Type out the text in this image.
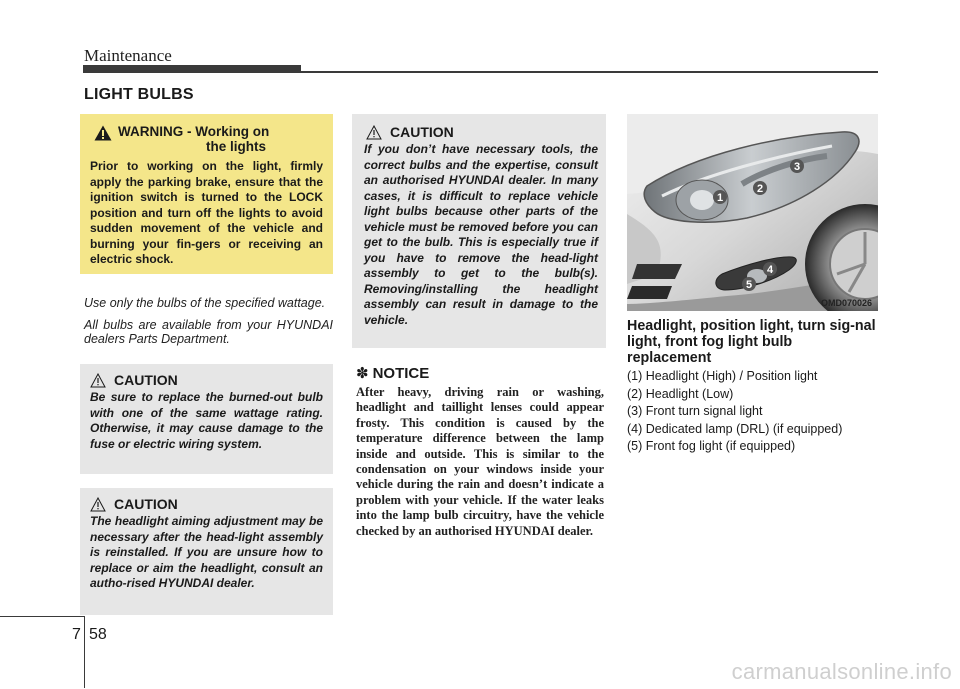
Maintenance
LIGHT BULBS
WARNING - Working on
the lights
Prior to working on the light, firmly apply the parking brake, ensure that the ignition switch is turned to the LOCK position and turn off the lights to avoid sudden movement of the vehicle and burning your fin-gers or receiving an electric shock.

Use only the bulbs of the specified wattage.

All bulbs are available from your HYUNDAI dealers Parts Department.

CAUTION
Be sure to replace the burned-out bulb with one of the same wattage rating. Otherwise, it may cause damage to the fuse or electric wiring system.
CAUTION
The headlight aiming adjustment may be necessary after the head-light assembly is reinstalled. If you are unsure how to replace or aim the headlight, consult an autho-rised HYUNDAI dealer.
CAUTION
If you don’t have necessary tools, the correct bulbs and the expertise, consult an authorised HYUNDAI dealer. In many cases, it is difficult to replace vehicle light bulbs because other parts of the vehicle must be removed before you can get to the bulb. This is especially true if you have to remove the head-light assembly to get to the bulb(s). Removing/installing the headlight assembly can result in damage to the vehicle.
✽ NOTICE
After heavy, driving rain or washing, headlight and taillight lenses could appear frosty. This condition is caused by the temperature difference between the lamp inside and outside. This is similar to the condensation on your windows inside your vehicle during the rain and doesn’t indicate a problem with your vehicle. If the water leaks into the lamp bulb circuitry, have the vehicle checked by an authorised HYUNDAI dealer.
1
2
3
4
5
OMD070026
Headlight, position light, turn sig-nal light, front fog light bulb replacement
(1) Headlight (High) / Position light
(2) Headlight (Low)
(3) Front turn signal light
(4) Dedicated lamp (DRL) (if equipped)
(5) Front fog light (if equipped)
7 58
carmanualsonline.info
